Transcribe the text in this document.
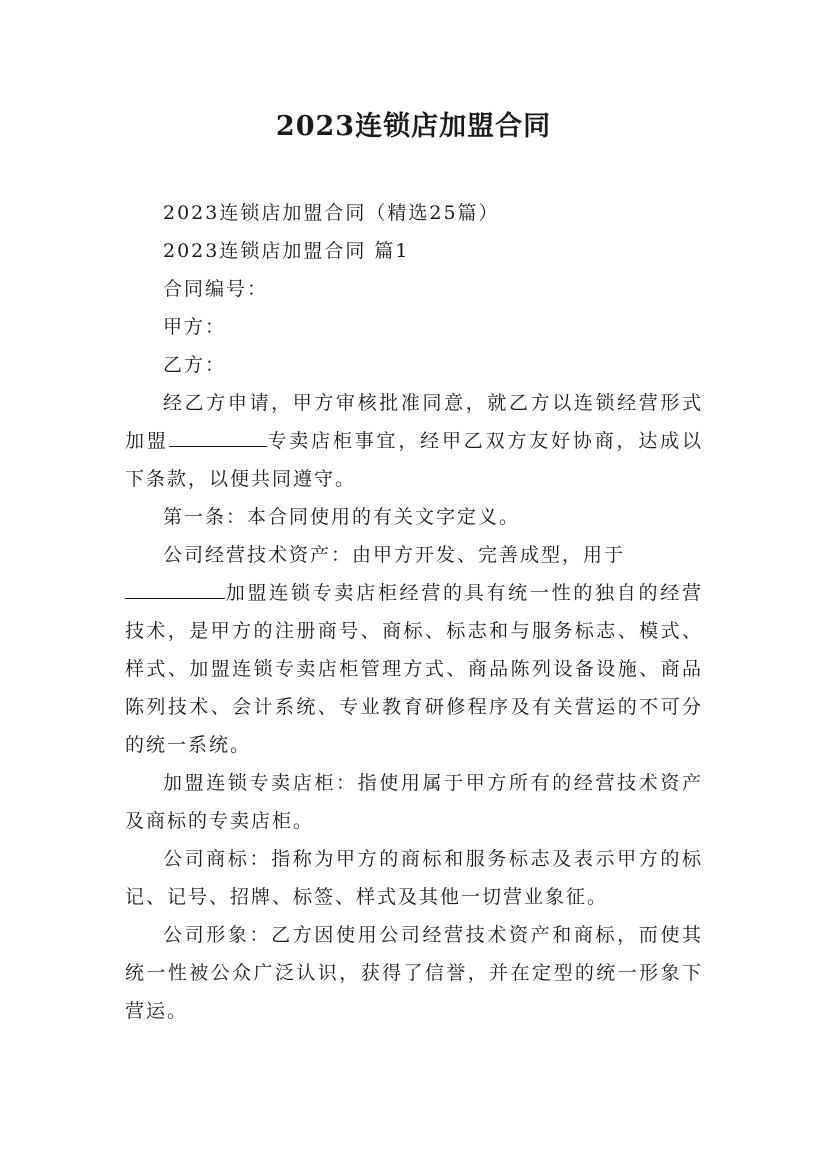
2023连锁店加盟合同

2023连锁店加盟合同（精选25篇）

2023连锁店加盟合同 篇1

合同编号：

甲方：

乙方：

经乙方申请，甲方审核批准同意，就乙方以连锁经营形式加盟	专卖店柜事宜，经甲乙双方友好协商，达成以下条款，以便共同遵守。

第一条：本合同使用的有关文字定义。

公司经营技术资产：由甲方开发、完善成型，用于

加盟连锁专卖店柜经营的具有统一性的独自的经营技术，是甲方的注册商号、商标、标志和与服务标志、模式、样式、加盟连锁专卖店柜管理方式、商品陈列设备设施、商品陈列技术、会计系统、专业教育研修程序及有关营运的不可分的统一系统。

加盟连锁专卖店柜：指使用属于甲方所有的经营技术资产及商标的专卖店柜。

公司商标：指称为甲方的商标和服务标志及表示甲方的标记、记号、招牌、标签、样式及其他一切营业象征。

公司形象：乙方因使用公司经营技术资产和商标，而使其统一性被公众广泛认识，获得了信誉，并在定型的统一形象下营运。
